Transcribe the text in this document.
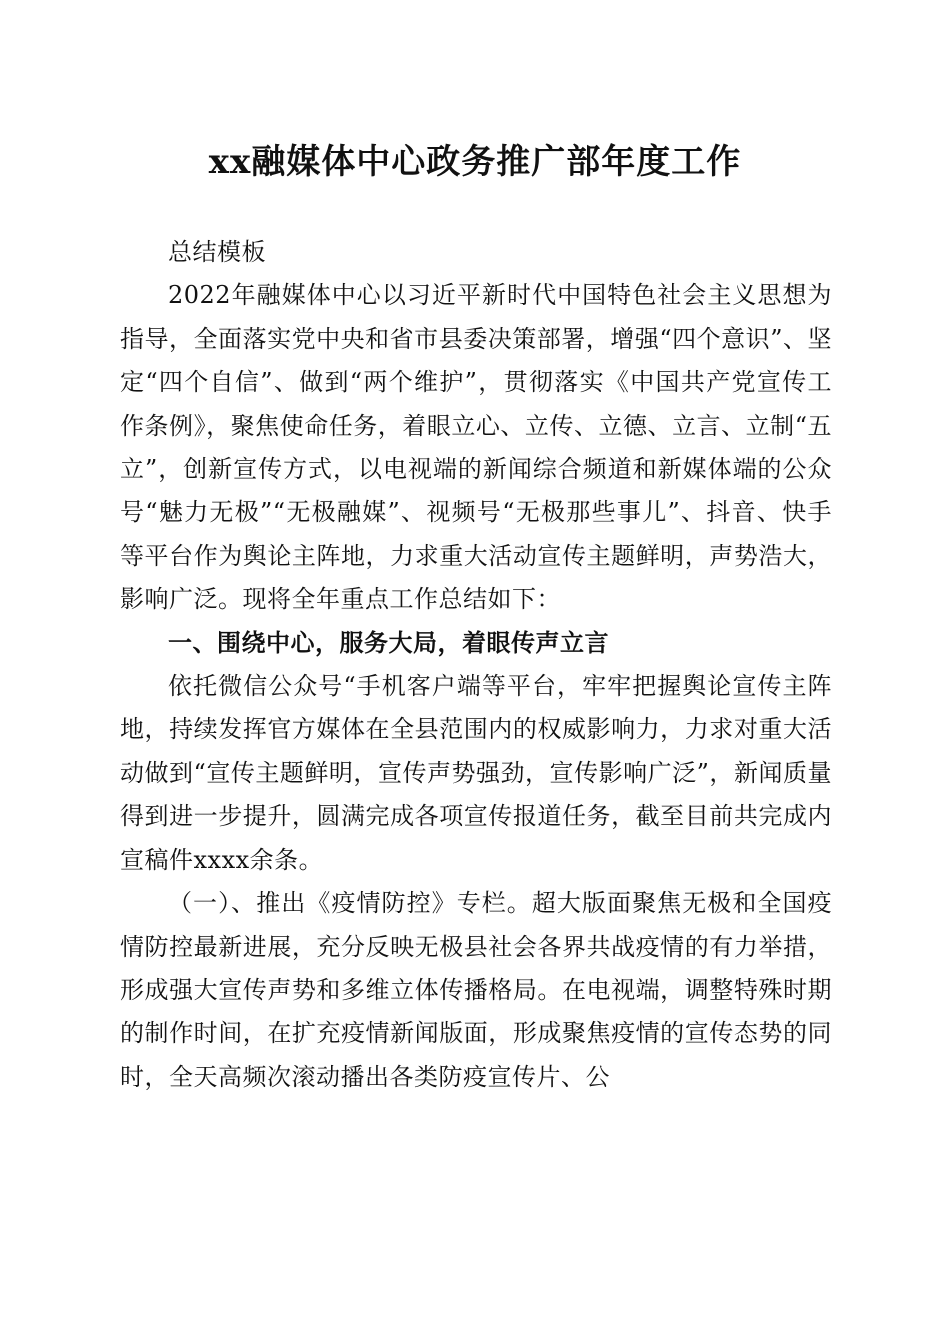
xx融媒体中心政务推广部年度工作

总结模板

2022年融媒体中心以习近平新时代中国特色社会主义思想为指导，全面落实党中央和省市县委决策部署，增强“四个意识”、坚定“四个自信”、做到“两个维护”，贯彻落实《中国共产党宣传工作条例》，聚焦使命任务，着眼立心、立传、立德、立言、立制“五立”，创新宣传方式，以电视端的新闻综合频道和新媒体端的公众号“魅力无极”“无极融媒”、视频号“无极那些事儿”、抖音、快手等平台作为舆论主阵地，力求重大活动宣传主题鲜明，声势浩大，影响广泛。现将全年重点工作总结如下：

一、围绕中心，服务大局，着眼传声立言

依托微信公众号“手机客户端等平台，牢牢把握舆论宣传主阵地，持续发挥官方媒体在全县范围内的权威影响力，力求对重大活动做到“宣传主题鲜明，宣传声势强劲，宣传影响广泛”，新闻质量得到进一步提升，圆满完成各项宣传报道任务，截至目前共完成内宣稿件xxxx余条。

（一）、推出《疫情防控》专栏。超大版面聚焦无极和全国疫情防控最新进展，充分反映无极县社会各界共战疫情的有力举措，形成强大宣传声势和多维立体传播格局。在电视端，调整特殊时期的制作时间，在扩充疫情新闻版面，形成聚焦疫情的宣传态势的同时，全天高频次滚动播出各类防疫宣传片、公
